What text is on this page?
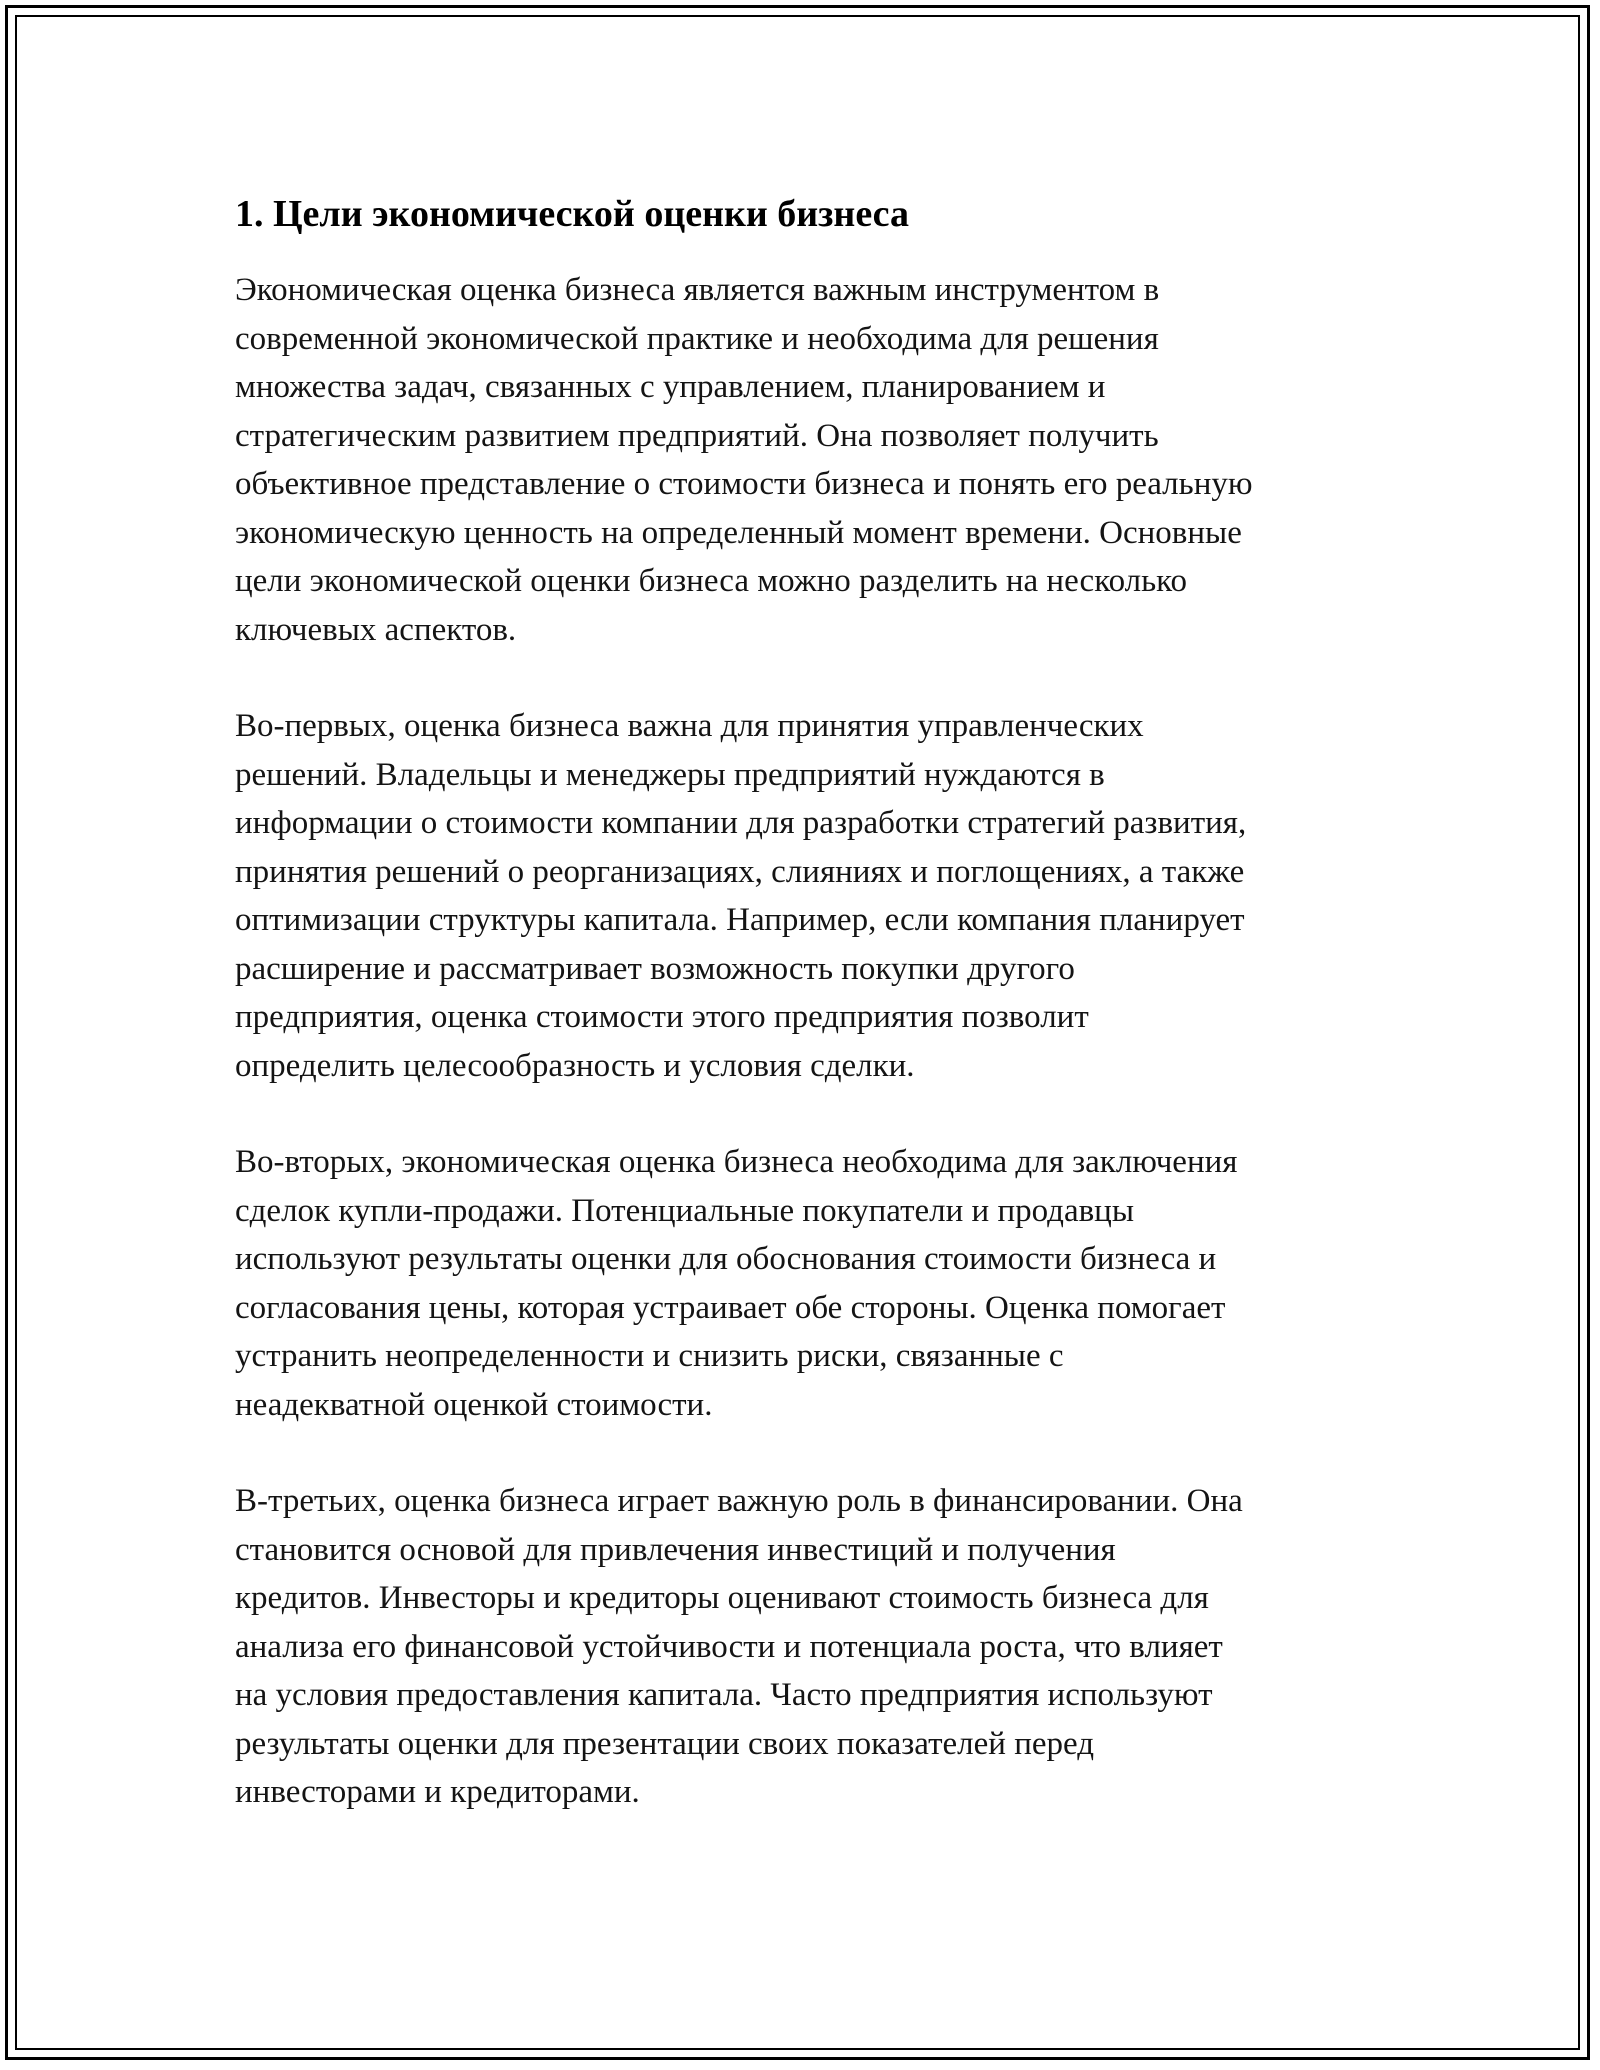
1. Цели экономической оценки бизнеса

Экономическая оценка бизнеса является важным инструментом в
современной экономической практике и необходима для решения
множества задач, связанных с управлением, планированием и
стратегическим развитием предприятий. Она позволяет получить
объективное представление о стоимости бизнеса и понять его реальную
экономическую ценность на определенный момент времени. Основные
цели экономической оценки бизнеса можно разделить на несколько
ключевых аспектов.

Во-первых, оценка бизнеса важна для принятия управленческих
решений. Владельцы и менеджеры предприятий нуждаются в
информации о стоимости компании для разработки стратегий развития,
принятия решений о реорганизациях, слияниях и поглощениях, а также
оптимизации структуры капитала. Например, если компания планирует
расширение и рассматривает возможность покупки другого
предприятия, оценка стоимости этого предприятия позволит
определить целесообразность и условия сделки.

Во-вторых, экономическая оценка бизнеса необходима для заключения
сделок купли-продажи. Потенциальные покупатели и продавцы
используют результаты оценки для обоснования стоимости бизнеса и
согласования цены, которая устраивает обе стороны. Оценка помогает
устранить неопределенности и снизить риски, связанные с
неадекватной оценкой стоимости.

В-третьих, оценка бизнеса играет важную роль в финансировании. Она
становится основой для привлечения инвестиций и получения
кредитов. Инвесторы и кредиторы оценивают стоимость бизнеса для
анализа его финансовой устойчивости и потенциала роста, что влияет
на условия предоставления капитала. Часто предприятия используют
результаты оценки для презентации своих показателей перед
инвесторами и кредиторами.
